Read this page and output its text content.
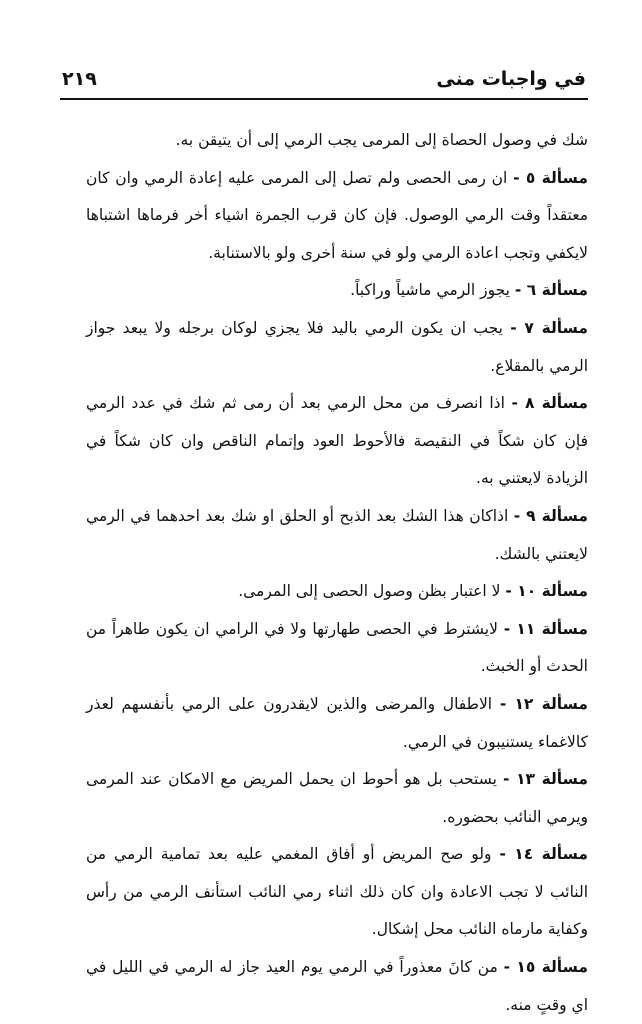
في واجبات منى
٢١٩

شك في وصول الحصاة إلى المرمى يجب الرمي إلى أن يتيقن به.

مسألة ٥ - ان رمى الحصى ولم تصل إلى المرمى عليه إعادة الرمي وان كان معتقداً وقت الرمي الوصول. فإن كان قرب الجمرة اشياء أخر فرماها اشتباها لايكفي وتجب اعادة الرمي ولو في سنة أخرى ولو بالاستنابة.

مسألة ٦ - يجوز الرمي ماشياً وراكباً.

مسألة ٧ - يجب ان يكون الرمي باليد فلا يجزي لوكان برجله ولا يبعد جواز الرمي بالمقلاع.

مسألة ٨ - اذا انصرف من محل الرمي بعد أن رمى ثم شك في عدد الرمي فإن كان شكاً في النقيصة فالأحوط العود وإتمام الناقص وان كان شكاً في الزيادة لايعتني به.

مسألة ٩ - اذاكان هذا الشك بعد الذبح أو الحلق او شك بعد احدهما في الرمي لايعتني بالشك.

مسألة ١٠ - لا اعتبار بظن وصول الحصى إلى المرمى.

مسألة ١١ - لايشترط في الحصى طهارتها ولا في الرامي ان يكون طاهراً من الحدث أو الخبث.

مسألة ١٢ - الاطفال والمرضى والذين لايقدرون على الرمي بأنفسهم لعذر كالاغماء يستنيبون في الرمي.

مسألة ١٣ - يستحب بل هو أحوط ان يحمل المريض مع الامكان عند المرمى ويرمي النائب بحضوره.

مسألة ١٤ - ولو صح المريض أو أفاق المغمي عليه بعد تمامية الرمي من النائب لا تجب الاعادة وان كان ذلك اثناء رمي النائب استأنف الرمي من رأس وكفاية مارماه النائب محل إشكال.

مسألة ١٥ - من كانَ معذوراً في الرمي يوم العيد جاز له الرمي في الليل في اي وقتٍ منه.
